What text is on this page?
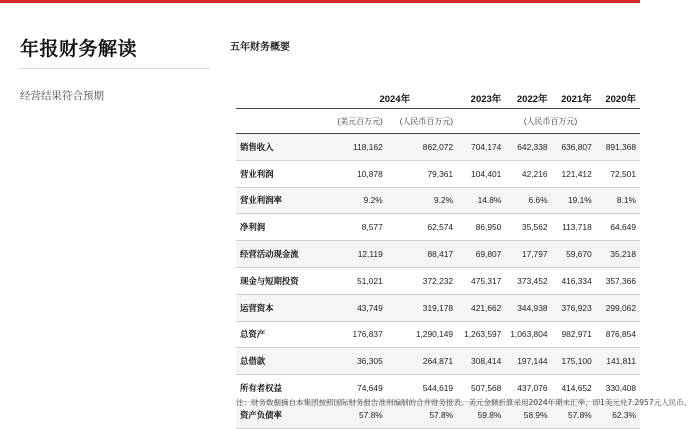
年报财务解读
经营结果符合预期
五年财务概要
	2024年		2023年	2022年	2021年	2020年
	(美元百万元)	(人民币百万元)		(人民币百万元)		
销售收入	118,162	862,072	704,174	642,338	636,807	891,368
营业利润	10,878	79,361	104,401	42,216	121,412	72,501
营业利润率	9.2%	9.2%	14.8%	6.6%	19.1%	8.1%
净利润	8,577	62,574	86,950	35,562	113,718	64,649
经营活动现金流	12,119	88,417	69,807	17,797	59,670	35,218
现金与短期投资	51,021	372,232	475,317	373,452	416,334	357,366
运营资本	43,749	319,178	421,662	344,938	376,923	299,062
总资产	176,837	1,290,149	1,263,597	1,063,804	982,971	876,854
总借款	36,305	264,871	308,414	197,144	175,100	141,811
所有者权益	74,649	544,619	507,568	437,076	414,652	330,408
资产负债率	57.8%	57.8%	59.8%	58.9%	57.8%	62.3%
注：财务数据摘自本集团按照国际财务报告准则编制的合并财务报表。美元金额折算采用2024年期末汇率，即1美元兑7.2957元人民币。
